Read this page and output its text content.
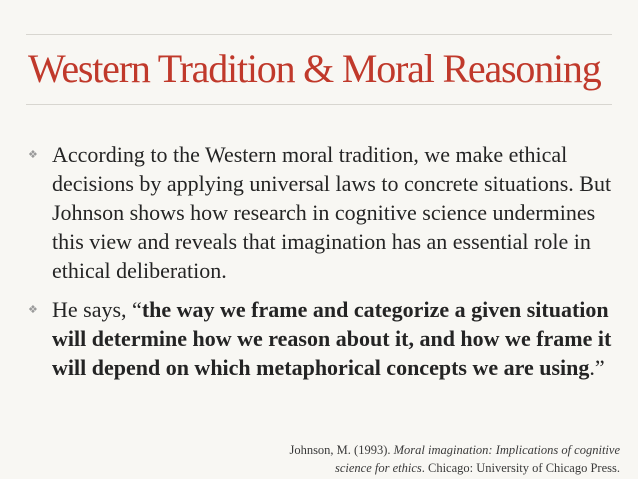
Western Tradition & Moral Reasoning
❖ According to the Western moral tradition, we make ethical decisions by applying universal laws to concrete situations. But Johnson shows how research in cognitive science undermines this view and reveals that imagination has an essential role in ethical deliberation.
❖ He says, “the way we frame and categorize a given situation will determine how we reason about it, and how we frame it will depend on which metaphorical concepts we are using.”
Johnson, M. (1993). Moral imagination: Implications of cognitive science for ethics. Chicago: University of Chicago Press.
